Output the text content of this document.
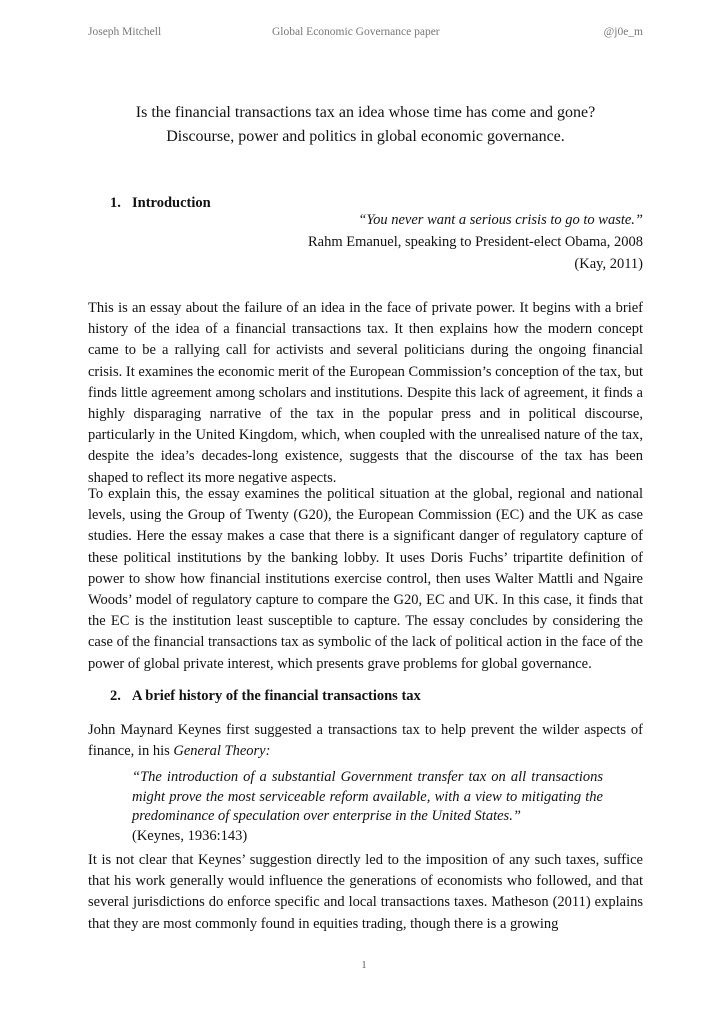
Joseph Mitchell	Global Economic Governance paper	@j0e_m
Is the financial transactions tax an idea whose time has come and gone?
Discourse, power and politics in global economic governance.
1. Introduction
“You never want a serious crisis to go to waste.”
Rahm Emanuel, speaking to President-elect Obama, 2008
(Kay, 2011)

This is an essay about the failure of an idea in the face of private power. It begins with a brief history of the idea of a financial transactions tax. It then explains how the modern concept came to be a rallying call for activists and several politicians during the ongoing financial crisis. It examines the economic merit of the European Commission’s conception of the tax, but finds little agreement among scholars and institutions. Despite this lack of agreement, it finds a highly disparaging narrative of the tax in the popular press and in political discourse, particularly in the United Kingdom, which, when coupled with the unrealised nature of the tax, despite the idea’s decades-long existence, suggests that the discourse of the tax has been shaped to reflect its more negative aspects.

To explain this, the essay examines the political situation at the global, regional and national levels, using the Group of Twenty (G20), the European Commission (EC) and the UK as case studies. Here the essay makes a case that there is a significant danger of regulatory capture of these political institutions by the banking lobby. It uses Doris Fuchs’ tripartite definition of power to show how financial institutions exercise control, then uses Walter Mattli and Ngaire Woods’ model of regulatory capture to compare the G20, EC and UK. In this case, it finds that the EC is the institution least susceptible to capture. The essay concludes by considering the case of the financial transactions tax as symbolic of the lack of political action in the face of the power of global private interest, which presents grave problems for global governance.

2. A brief history of the financial transactions tax

John Maynard Keynes first suggested a transactions tax to help prevent the wilder aspects of finance, in his General Theory:

“The introduction of a substantial Government transfer tax on all transactions might prove the most serviceable reform available, with a view to mitigating the predominance of speculation over enterprise in the United States.”
(Keynes, 1936:143)

It is not clear that Keynes’ suggestion directly led to the imposition of any such taxes, suffice that his work generally would influence the generations of economists who followed, and that several jurisdictions do enforce specific and local transactions taxes. Matheson (2011) explains that they are most commonly found in equities trading, though there is a growing

1
